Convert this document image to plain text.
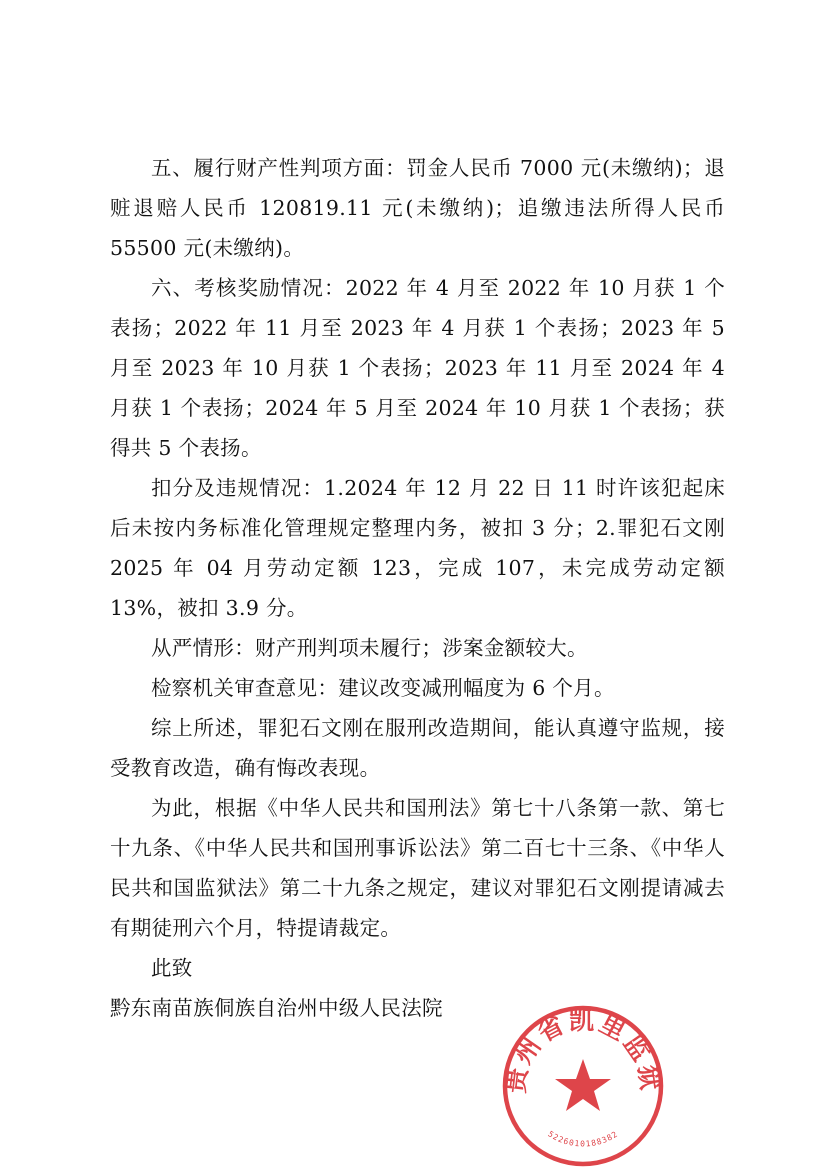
五、履行财产性判项方面：罚金人民币 7000 元(未缴纳)；退赃退赔人民币 120819.11 元(未缴纳)；追缴违法所得人民币 55500 元(未缴纳)。

六、考核奖励情况：2022 年 4 月至 2022 年 10 月获 1 个表扬；2022 年 11 月至 2023 年 4 月获 1 个表扬；2023 年 5 月至 2023 年 10 月获 1 个表扬；2023 年 11 月至 2024 年 4 月获 1 个表扬；2024 年 5 月至 2024 年 10 月获 1 个表扬；获得共 5 个表扬。

扣分及违规情况：1.2024 年 12 月 22 日 11 时许该犯起床后未按内务标准化管理规定整理内务，被扣 3 分；2.罪犯石文刚 2025 年 04 月劳动定额 123，完成 107，未完成劳动定额 13%，被扣 3.9 分。

从严情形：财产刑判项未履行；涉案金额较大。

检察机关审查意见：建议改变减刑幅度为 6 个月。

综上所述，罪犯石文刚在服刑改造期间，能认真遵守监规，接受教育改造，确有悔改表现。

为此，根据《中华人民共和国刑法》第七十八条第一款、第七十九条、《中华人民共和国刑事诉讼法》第二百七十三条、《中华人民共和国监狱法》第二十九条之规定，建议对罪犯石文刚提请减去有期徒刑六个月，特提请裁定。

此致

黔东南苗族侗族自治州中级人民法院

贵州省凯里监狱
5226010188382
